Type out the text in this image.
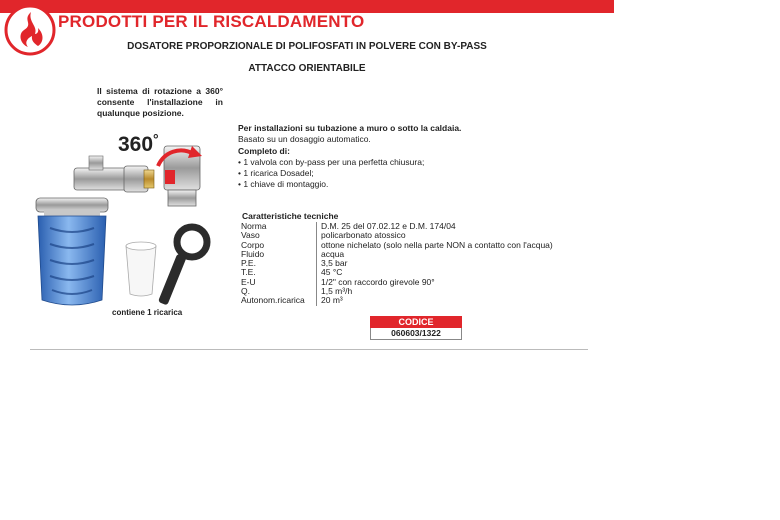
PRODOTTI PER IL RISCALDAMENTO
DOSATORE PROPORZIONALE DI POLIFOSFATI IN POLVERE CON BY-PASS
ATTACCO ORIENTABILE
Il sistema di rotazione a 360° consente l'installazione in qualunque posizione.
360°
contiene 1 ricarica
Per installazioni su tubazione a muro o sotto la caldaia.
Basato su un dosaggio automatico.
Completo di:
• 1 valvola con by-pass per una perfetta chiusura;
• 1 ricarica Dosadel;
• 1 chiave di montaggio.
Caratteristiche tecniche
Norma	D.M. 25 del 07.02.12 e D.M. 174/04
Vaso	policarbonato atossico
Corpo	ottone nichelato (solo nella parte NON a contatto con l'acqua)
Fluido	acqua
P.E.	3,5 bar
T.E.	45 °C
E-U	1/2" con raccordo girevole 90°
Q.	1,5 m³/h
Autonom.ricarica	20 m³
CODICE
060603/1322
